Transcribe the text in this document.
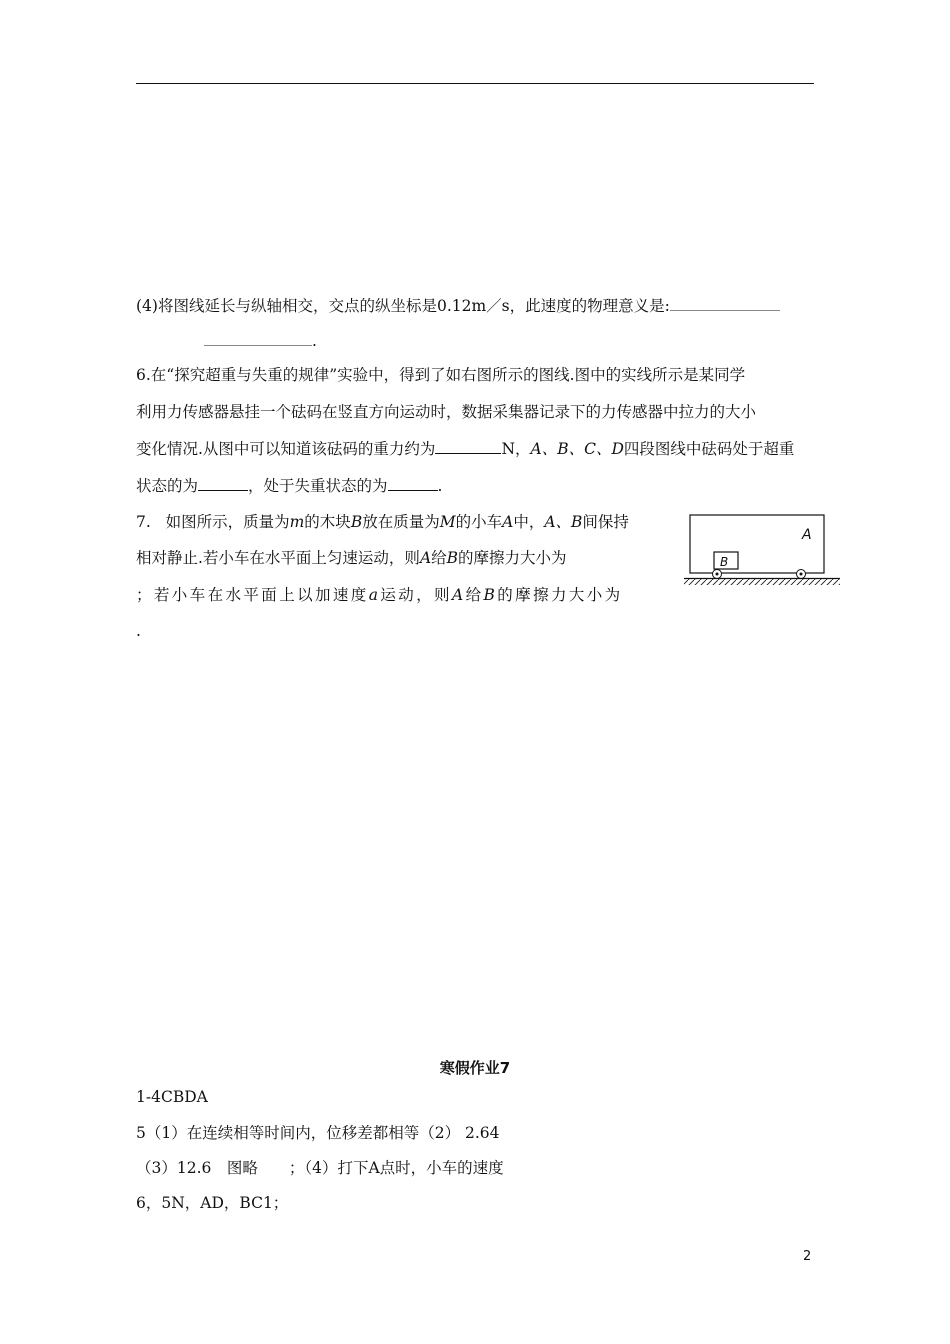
(4)将图线延长与纵轴相交，交点的纵坐标是0.12m／s，此速度的物理意义是:
.
6.在“探究超重与失重的规律”实验中，得到了如右图所示的图线.图中的实线所示是某同学
利用力传感器悬挂一个砝码在竖直方向运动时，数据采集器记录下的力传感器中拉力的大小
变化情况.从图中可以知道该砝码的重力约为	N，A、B、C、D四段图线中砝码处于超重
状态的为	，处于失重状态的为	.
7. 如图所示，质量为m的木块B放在质量为M的小车A中，A、B间保持
相对静止.若小车在水平面上匀速运动，则A给B的摩擦力大小为
；若小车在水平面上以加速度a运动，则A给B的摩擦力大小为
.
A
B
寒假作业7
1-4CBDA
5（1）在连续相等时间内，位移差都相等（2） 2.64
（3）12.6　图略　　；（4）打下A点时，小车的速度
6，5N，AD，BC1；
2
